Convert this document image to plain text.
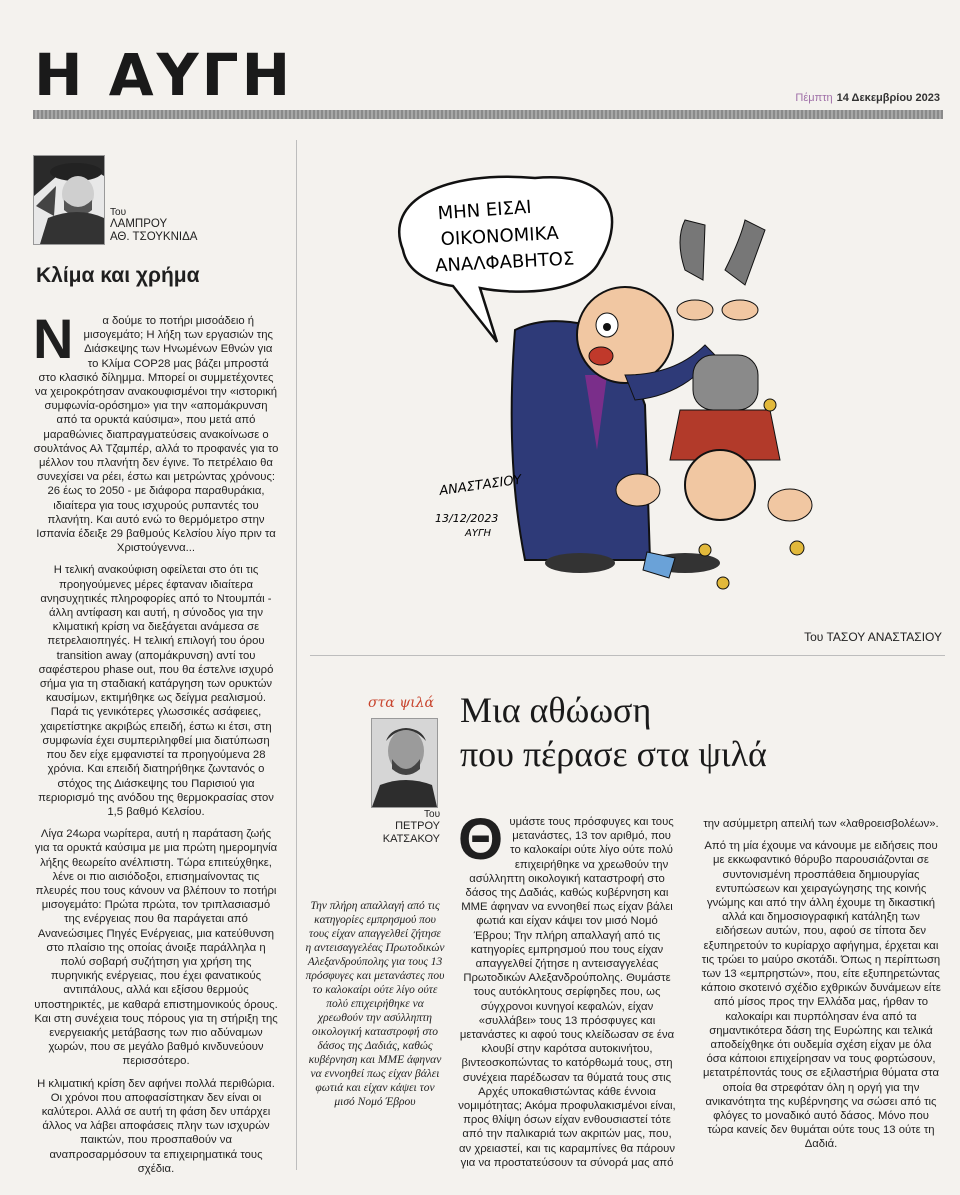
Η ΑΥΓΗ	Πέμπτη 14 Δεκεμβρίου 2023
Του
ΛΑΜΠΡΟΥ
ΑΘ. ΤΣΟΥΚΝΙΔΑ
Κλίμα και χρήμα

Ν	α δούμε το ποτήρι μισοάδειο ή μισογεμάτο; Η λήξη των εργασιών της Διάσκεψης των Ηνωμένων Εθνών για το Κλίμα COP28 μας βάζει μπροστά στο κλασικό δίλημμα. Μπορεί οι συμμετέχοντες να χειροκρότησαν ανακουφισμένοι την «ιστορική συμφωνία-ορόσημο» για την «απομάκρυνση από τα ορυκτά καύσιμα», που μετά από μαραθώνιες διαπραγματεύσεις ανακοίνωσε ο σουλτάνος Αλ Τζαμπέρ, αλλά το προφανές για το μέλλον του πλανήτη δεν έγινε. Το πετρέλαιο θα συνεχίσει να ρέει, έστω και μετρώντας χρόνους: 26 έως το 2050 - με διάφορα παραθυράκια, ιδιαίτερα για τους ισχυρούς ρυπαντές του πλανήτη. Και αυτό ενώ το θερμόμετρο στην Ισπανία έδειξε 29 βαθμούς Κελσίου λίγο πριν τα Χριστούγεννα...

Η τελική ανακούφιση οφείλεται στο ότι τις προηγούμενες μέρες έφταναν ιδιαίτερα ανησυχητικές πληροφορίες από το Ντουμπάι - άλλη αντίφαση και αυτή, η σύνοδος για την κλιματική κρίση να διεξάγεται ανάμεσα σε πετρελαιοπηγές. Η τελική επιλογή του όρου transition away (απομάκρυνση) αντί του σαφέστερου phase out, που θα έστελνε ισχυρό σήμα για τη σταδιακή κατάργηση των ορυκτών καυσίμων, εκτιμήθηκε ως δείγμα ρεαλισμού. Παρά τις γενικότερες γλωσσικές ασάφειες, χαιρετίστηκε ακριβώς επειδή, έστω κι έτσι, στη συμφωνία έχει συμπεριληφθεί μια διατύπωση που δεν είχε εμφανιστεί τα προηγούμενα 28 χρόνια. Και επειδή διατηρήθηκε ζωντανός ο στόχος της Διάσκεψης του Παρισιού για περιορισμό της ανόδου της θερμοκρασίας στον 1,5 βαθμό Κελσίου.

Λίγα 24ωρα νωρίτερα, αυτή η παράταση ζωής για τα ορυκτά καύσιμα με μια πρώτη ημερομηνία λήξης θεωρείτο ανέλπιστη. Τώρα επιτεύχθηκε, λένε οι πιο αισιόδοξοι, επισημαίνοντας τις πλευρές που τους κάνουν να βλέπουν το ποτήρι μισογεμάτο: Πρώτα πρώτα, τον τριπλασιασμό της ενέργειας που θα παράγεται από Ανανεώσιμες Πηγές Ενέργειας, μια κατεύθυνση στο πλαίσιο της οποίας άνοιξε παράλληλα η πολύ σοβαρή συζήτηση για χρήση της πυρηνικής ενέργειας, που έχει φανατικούς αντιπάλους, αλλά και εξίσου θερμούς υποστηρικτές, με καθαρά επιστημονικούς όρους. Και στη συνέχεια τους πόρους για τη στήριξη της ενεργειακής μετάβασης των πιο αδύναμων χωρών, που σε μεγάλο βαθμό κινδυνεύουν περισσότερο.

Η κλιματική κρίση δεν αφήνει πολλά περιθώρια. Οι χρόνοι που αποφασίστηκαν δεν είναι οι καλύτεροι. Αλλά σε αυτή τη φάση δεν υπάρχει άλλος να λάβει αποφάσεις πλην των ισχυρών παικτών, που προσπαθούν να αναπροσαρμόσουν τα επιχειρηματικά τους σχέδια.

ΜΗΝ ΕΙΣΑΙ
ΟΙΚΟΝΟΜΙΚΑ
ΑΝΑΛΦΑΒΗΤΟΣ
ΑΝΑΣΤΑΣΙΟΥ
13/12/2023
ΑΥΓΗ
Του ΤΑΣΟΥ ΑΝΑΣΤΑΣΙΟΥ
στα ψιλά Μια αθώωση
που πέρασε στα ψιλά
Του
ΠΕΤΡΟΥ
ΚΑΤΣΑΚΟΥ
Την πλήρη απαλλαγή από τις κατηγορίες εμπρησμού που τους είχαν απαγγελθεί ζήτησε η αντεισαγγελέας Πρωτοδικών Αλεξανδρούπολης για τους 13 πρόσφυγες και μετανάστες που το καλοκαίρι ούτε λίγο ούτε πολύ επιχειρήθηκε να χρεωθούν την ασύλληπτη οικολογική καταστροφή στο δάσος της Δαδιάς, καθώς κυβέρνηση και ΜΜΕ άφηναν να εννοηθεί πως είχαν βάλει φωτιά και είχαν κάψει τον μισό Νομό Έβρου

Θυμάστε τους πρόσφυγες και τους μετανάστες, 13 τον αριθμό, που το καλοκαίρι ούτε λίγο ούτε πολύ επιχειρήθηκε να χρεωθούν την ασύλληπτη οικολογική καταστροφή στο δάσος της Δαδιάς, καθώς κυβέρνηση και ΜΜΕ άφηναν να εννοηθεί πως είχαν βάλει φωτιά και είχαν κάψει τον μισό Νομό Έβρου; Την πλήρη απαλλαγή από τις κατηγορίες εμπρησμού που τους είχαν απαγγελθεί ζήτησε η αντεισαγγελέας Πρωτοδικών Αλεξανδρούπολης. Θυμάστε τους αυτόκλητους σερίφηδες που, ως σύγχρονοι κυνηγοί κεφαλών, είχαν «συλλάβει» τους 13 πρόσφυγες και μετανάστες κι αφού τους κλείδωσαν σε ένα κλουβί στην καρότσα αυτοκινήτου, βιντεοσκοπώντας το κατόρθωμά τους, στη συνέχεια παρέδωσαν τα θύματά τους στις Αρχές υποκαθιστώντας κάθε έννοια νομιμότητας; Ακόμα προφυλακισμένοι είναι, προς θλίψη όσων είχαν ενθουσιαστεί τότε από την παλικαριά των ακριτών μας, που, αν χρειαστεί, και τις καραμπίνες θα πάρουν για να προστατεύσουν τα σύνορά μας από

την ασύμμετρη απειλή των «λαθροεισβολέων».

Από τη μία έχουμε να κάνουμε με ειδήσεις που με εκκωφαντικό θόρυβο παρουσιάζονται σε συντονισμένη προσπάθεια δημιουργίας εντυπώσεων και χειραγώγησης της κοινής γνώμης και από την άλλη έχουμε τη δικαστική αλλά και δημοσιογραφική κατάληξη των ειδήσεων αυτών, που, αφού σε τίποτα δεν εξυπηρετούν το κυρίαρχο αφήγημα, έρχεται και τις τρώει το μαύρο σκοτάδι. Όπως η περίπτωση των 13 «εμπρηστών», που, είτε εξυπηρετώντας κάποιο σκοτεινό σχέδιο εχθρικών δυνάμεων είτε από μίσος προς την Ελλάδα μας, ήρθαν το καλοκαίρι και πυρπόλησαν ένα από τα σημαντικότερα δάση της Ευρώπης και τελικά αποδείχθηκε ότι ουδεμία σχέση είχαν με όλα όσα κάποιοι επιχείρησαν να τους φορτώσουν, μετατρέποντάς τους σε εξιλαστήρια θύματα στα οποία θα στρεφόταν όλη η οργή για την ανικανότητα της κυβέρνησης να σώσει από τις φλόγες το μοναδικό αυτό δάσος. Μόνο που τώρα κανείς δεν θυμάται ούτε τους 13 ούτε τη Δαδιά.
